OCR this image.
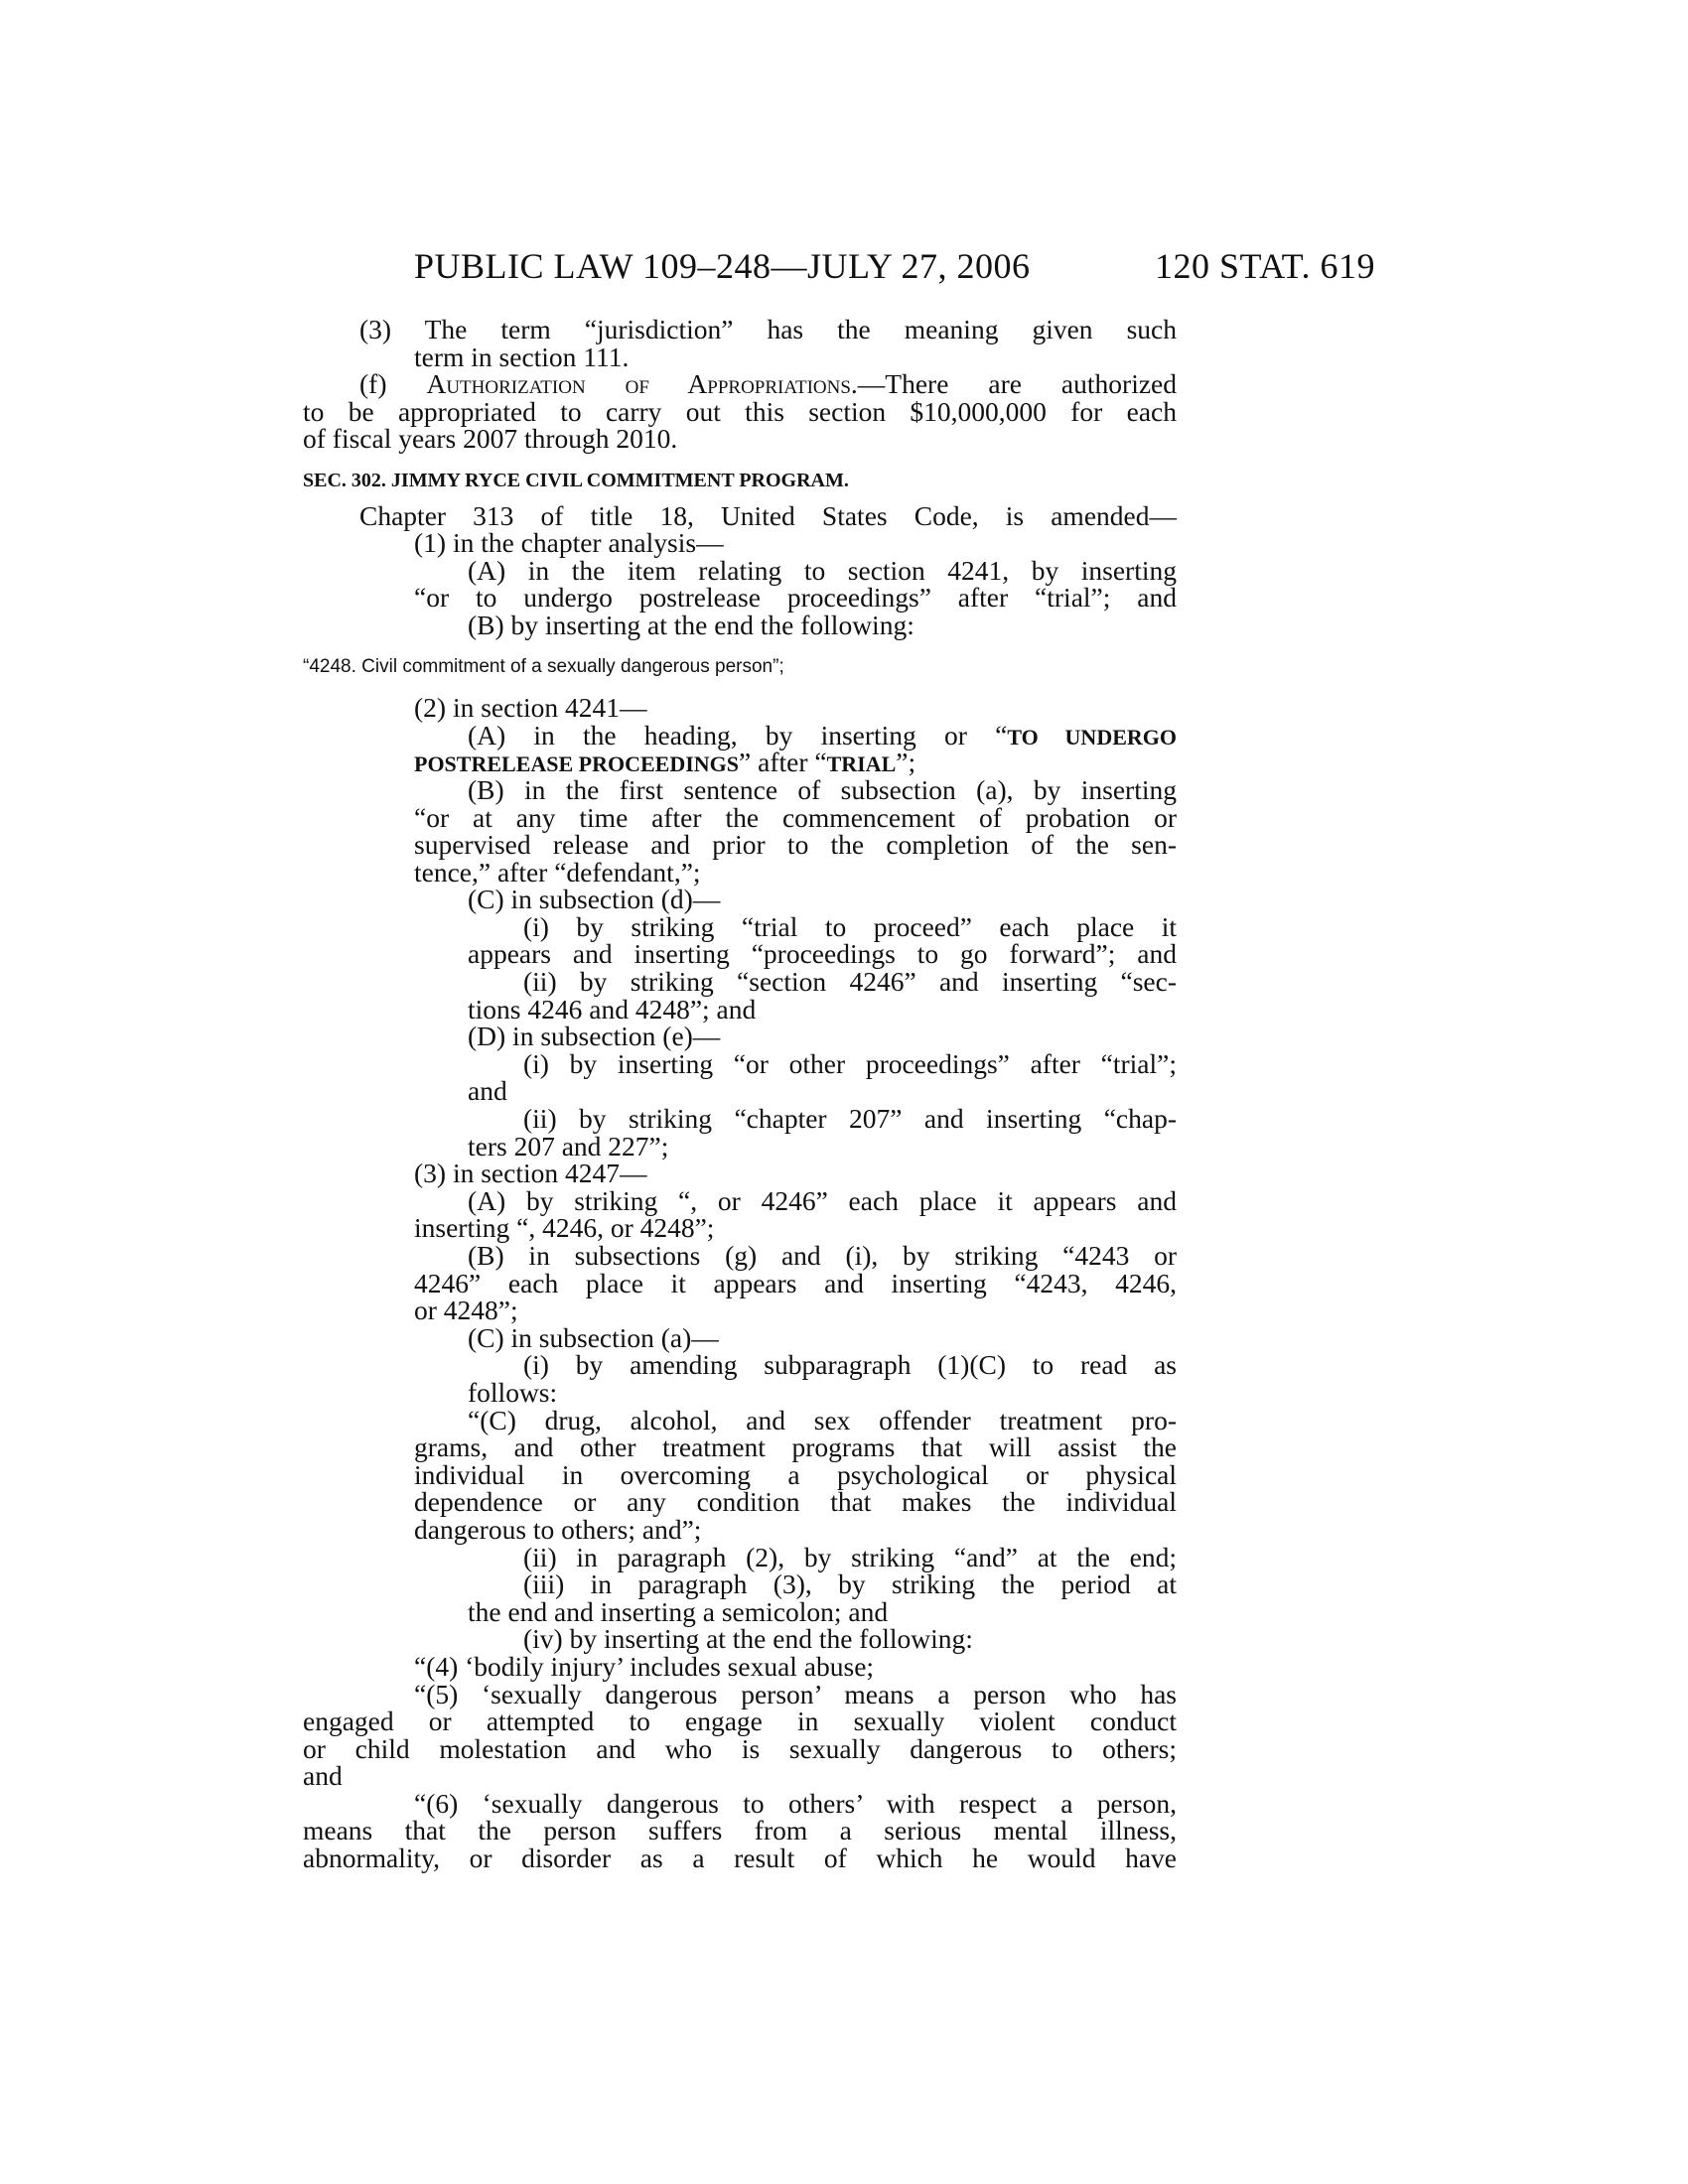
PUBLIC LAW 109–248—JULY 27, 2006	120 STAT. 619
(3) The term “jurisdiction” has the meaning given such
term in section 111.
(f) Authorization of Appropriations.—There are authorized
to be appropriated to carry out this section $10,000,000 for each
of fiscal years 2007 through 2010.
SEC. 302. JIMMY RYCE CIVIL COMMITMENT PROGRAM.
Chapter 313 of title 18, United States Code, is amended—
(1) in the chapter analysis—
(A) in the item relating to section 4241, by inserting
“or to undergo postrelease proceedings” after “trial”; and
(B) by inserting at the end the following:
“4248. Civil commitment of a sexually dangerous person”;
(2) in section 4241—
(A) in the heading, by inserting or “TO UNDERGO
POSTRELEASE PROCEEDINGS” after “TRIAL”;
(B) in the first sentence of subsection (a), by inserting
“or at any time after the commencement of probation or
supervised release and prior to the completion of the sen-
tence,” after “defendant,”;
(C) in subsection (d)—
(i) by striking “trial to proceed” each place it
appears and inserting “proceedings to go forward”; and
(ii) by striking “section 4246” and inserting “sec-
tions 4246 and 4248”; and
(D) in subsection (e)—
(i) by inserting “or other proceedings” after “trial”;
and
(ii) by striking “chapter 207” and inserting “chap-
ters 207 and 227”;
(3) in section 4247—
(A) by striking “, or 4246” each place it appears and
inserting “, 4246, or 4248”;
(B) in subsections (g) and (i), by striking “4243 or
4246” each place it appears and inserting “4243, 4246,
or 4248”;
(C) in subsection (a)—
(i) by amending subparagraph (1)(C) to read as
follows:
“(C) drug, alcohol, and sex offender treatment pro-
grams, and other treatment programs that will assist the
individual in overcoming a psychological or physical
dependence or any condition that makes the individual
dangerous to others; and”;
(ii) in paragraph (2), by striking “and” at the end;
(iii) in paragraph (3), by striking the period at
the end and inserting a semicolon; and
(iv) by inserting at the end the following:
“(4) ‘bodily injury’ includes sexual abuse;
“(5) ‘sexually dangerous person’ means a person who has
engaged or attempted to engage in sexually violent conduct
or child molestation and who is sexually dangerous to others;
and
“(6) ‘sexually dangerous to others’ with respect a person,
means that the person suffers from a serious mental illness,
abnormality, or disorder as a result of which he would have
